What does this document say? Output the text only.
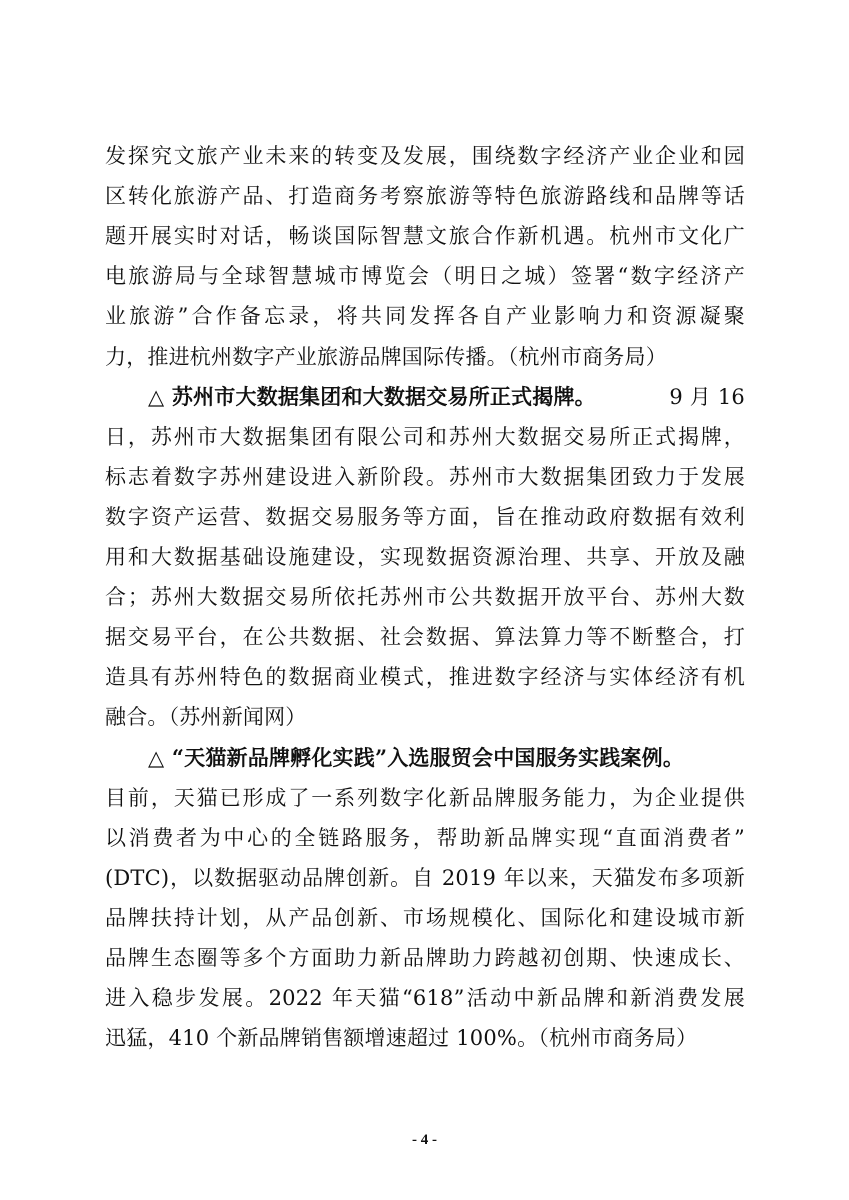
发探究文旅产业未来的转变及发展，围绕数字经济产业企业和园
区转化旅游产品、打造商务考察旅游等特色旅游路线和品牌等话
题开展实时对话，畅谈国际智慧文旅合作新机遇。杭州市文化广
电旅游局与全球智慧城市博览会（明日之城）签署“数字经济产
业旅游”合作备忘录，将共同发挥各自产业影响力和资源凝聚
力，推进杭州数字产业旅游品牌国际传播。（杭州市商务局）
△ 苏州市大数据集团和大数据交易所正式揭牌。	9 月 16
日，苏州市大数据集团有限公司和苏州大数据交易所正式揭牌，
标志着数字苏州建设进入新阶段。苏州市大数据集团致力于发展
数字资产运营、数据交易服务等方面，旨在推动政府数据有效利
用和大数据基础设施建设，实现数据资源治理、共享、开放及融
合；苏州大数据交易所依托苏州市公共数据开放平台、苏州大数
据交易平台，在公共数据、社会数据、算法算力等不断整合，打
造具有苏州特色的数据商业模式，推进数字经济与实体经济有机
融合。（苏州新闻网）
△ “天猫新品牌孵化实践”入选服贸会中国服务实践案例。
目前，天猫已形成了一系列数字化新品牌服务能力，为企业提供
以消费者为中心的全链路服务，帮助新品牌实现“直面消费者”
(DTC)，以数据驱动品牌创新。自 2019 年以来，天猫发布多项新
品牌扶持计划，从产品创新、市场规模化、国际化和建设城市新
品牌生态圈等多个方面助力新品牌助力跨越初创期、快速成长、
进入稳步发展。2022 年天猫“618”活动中新品牌和新消费发展
迅猛，410 个新品牌销售额增速超过 100%。（杭州市商务局）
- 4 -
